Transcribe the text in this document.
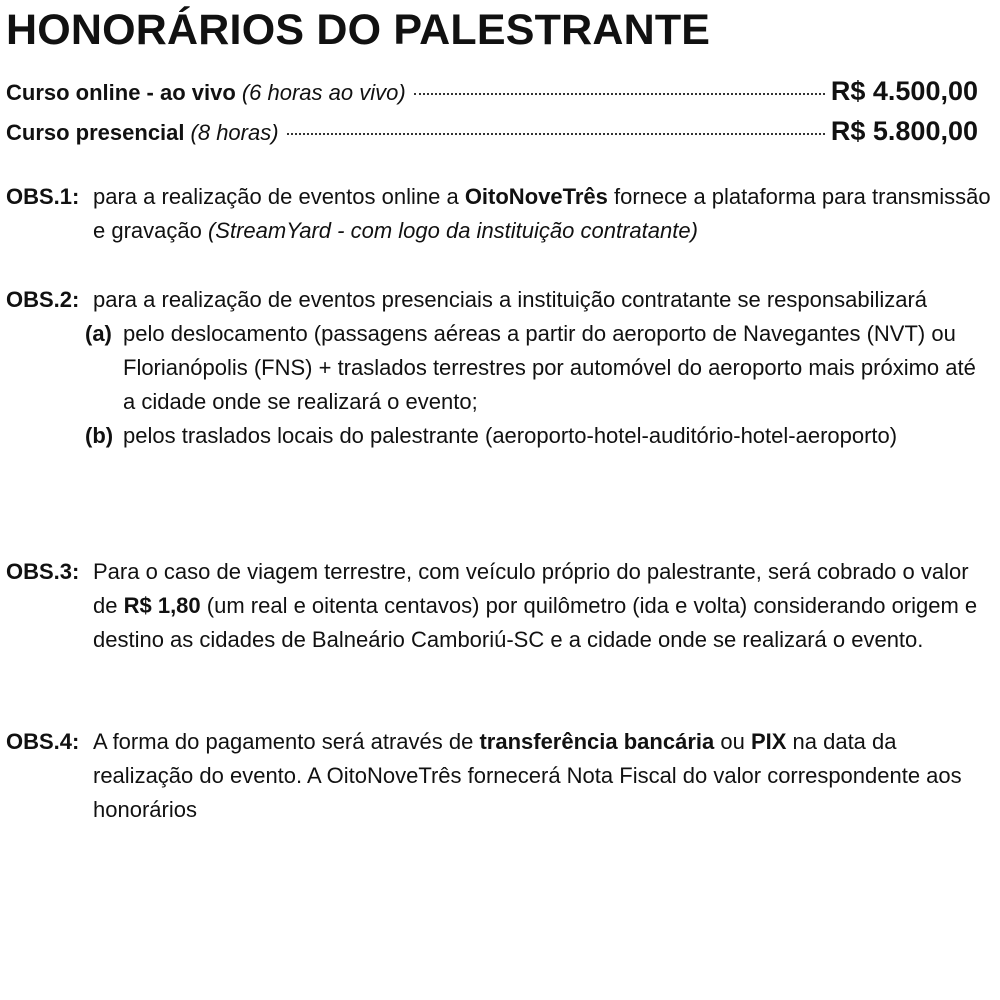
HONORÁRIOS DO PALESTRANTE
Curso online - ao vivo (6 horas ao vivo)	R$ 4.500,00
Curso presencial (8 horas)	R$ 5.800,00
OBS.1: para a realização de eventos online a OitoNoveTrês fornece a plataforma para transmissão e gravação (StreamYard - com logo da instituição contratante)
OBS.2: para a realização de eventos presenciais a instituição contratante se responsabilizará
(a) pelo deslocamento (passagens aéreas a partir do aeroporto de Navegantes (NVT) ou Florianópolis (FNS) + traslados terrestres por automóvel do aeroporto mais próximo até a cidade onde se realizará o evento;
(b) pelos traslados locais do palestrante (aeroporto-hotel-auditório-hotel-aeroporto)
OBS.3: Para o caso de viagem terrestre, com veículo próprio do palestrante, será cobrado o valor de R$ 1,80 (um real e oitenta centavos) por quilômetro (ida e volta) considerando origem e destino as cidades de Balneário Camboriú-SC e a cidade onde se realizará o evento.
OBS.4: A forma do pagamento será através de transferência bancária ou PIX na data da realização do evento. A OitoNoveTrês fornecerá Nota Fiscal do valor correspondente aos honorários
